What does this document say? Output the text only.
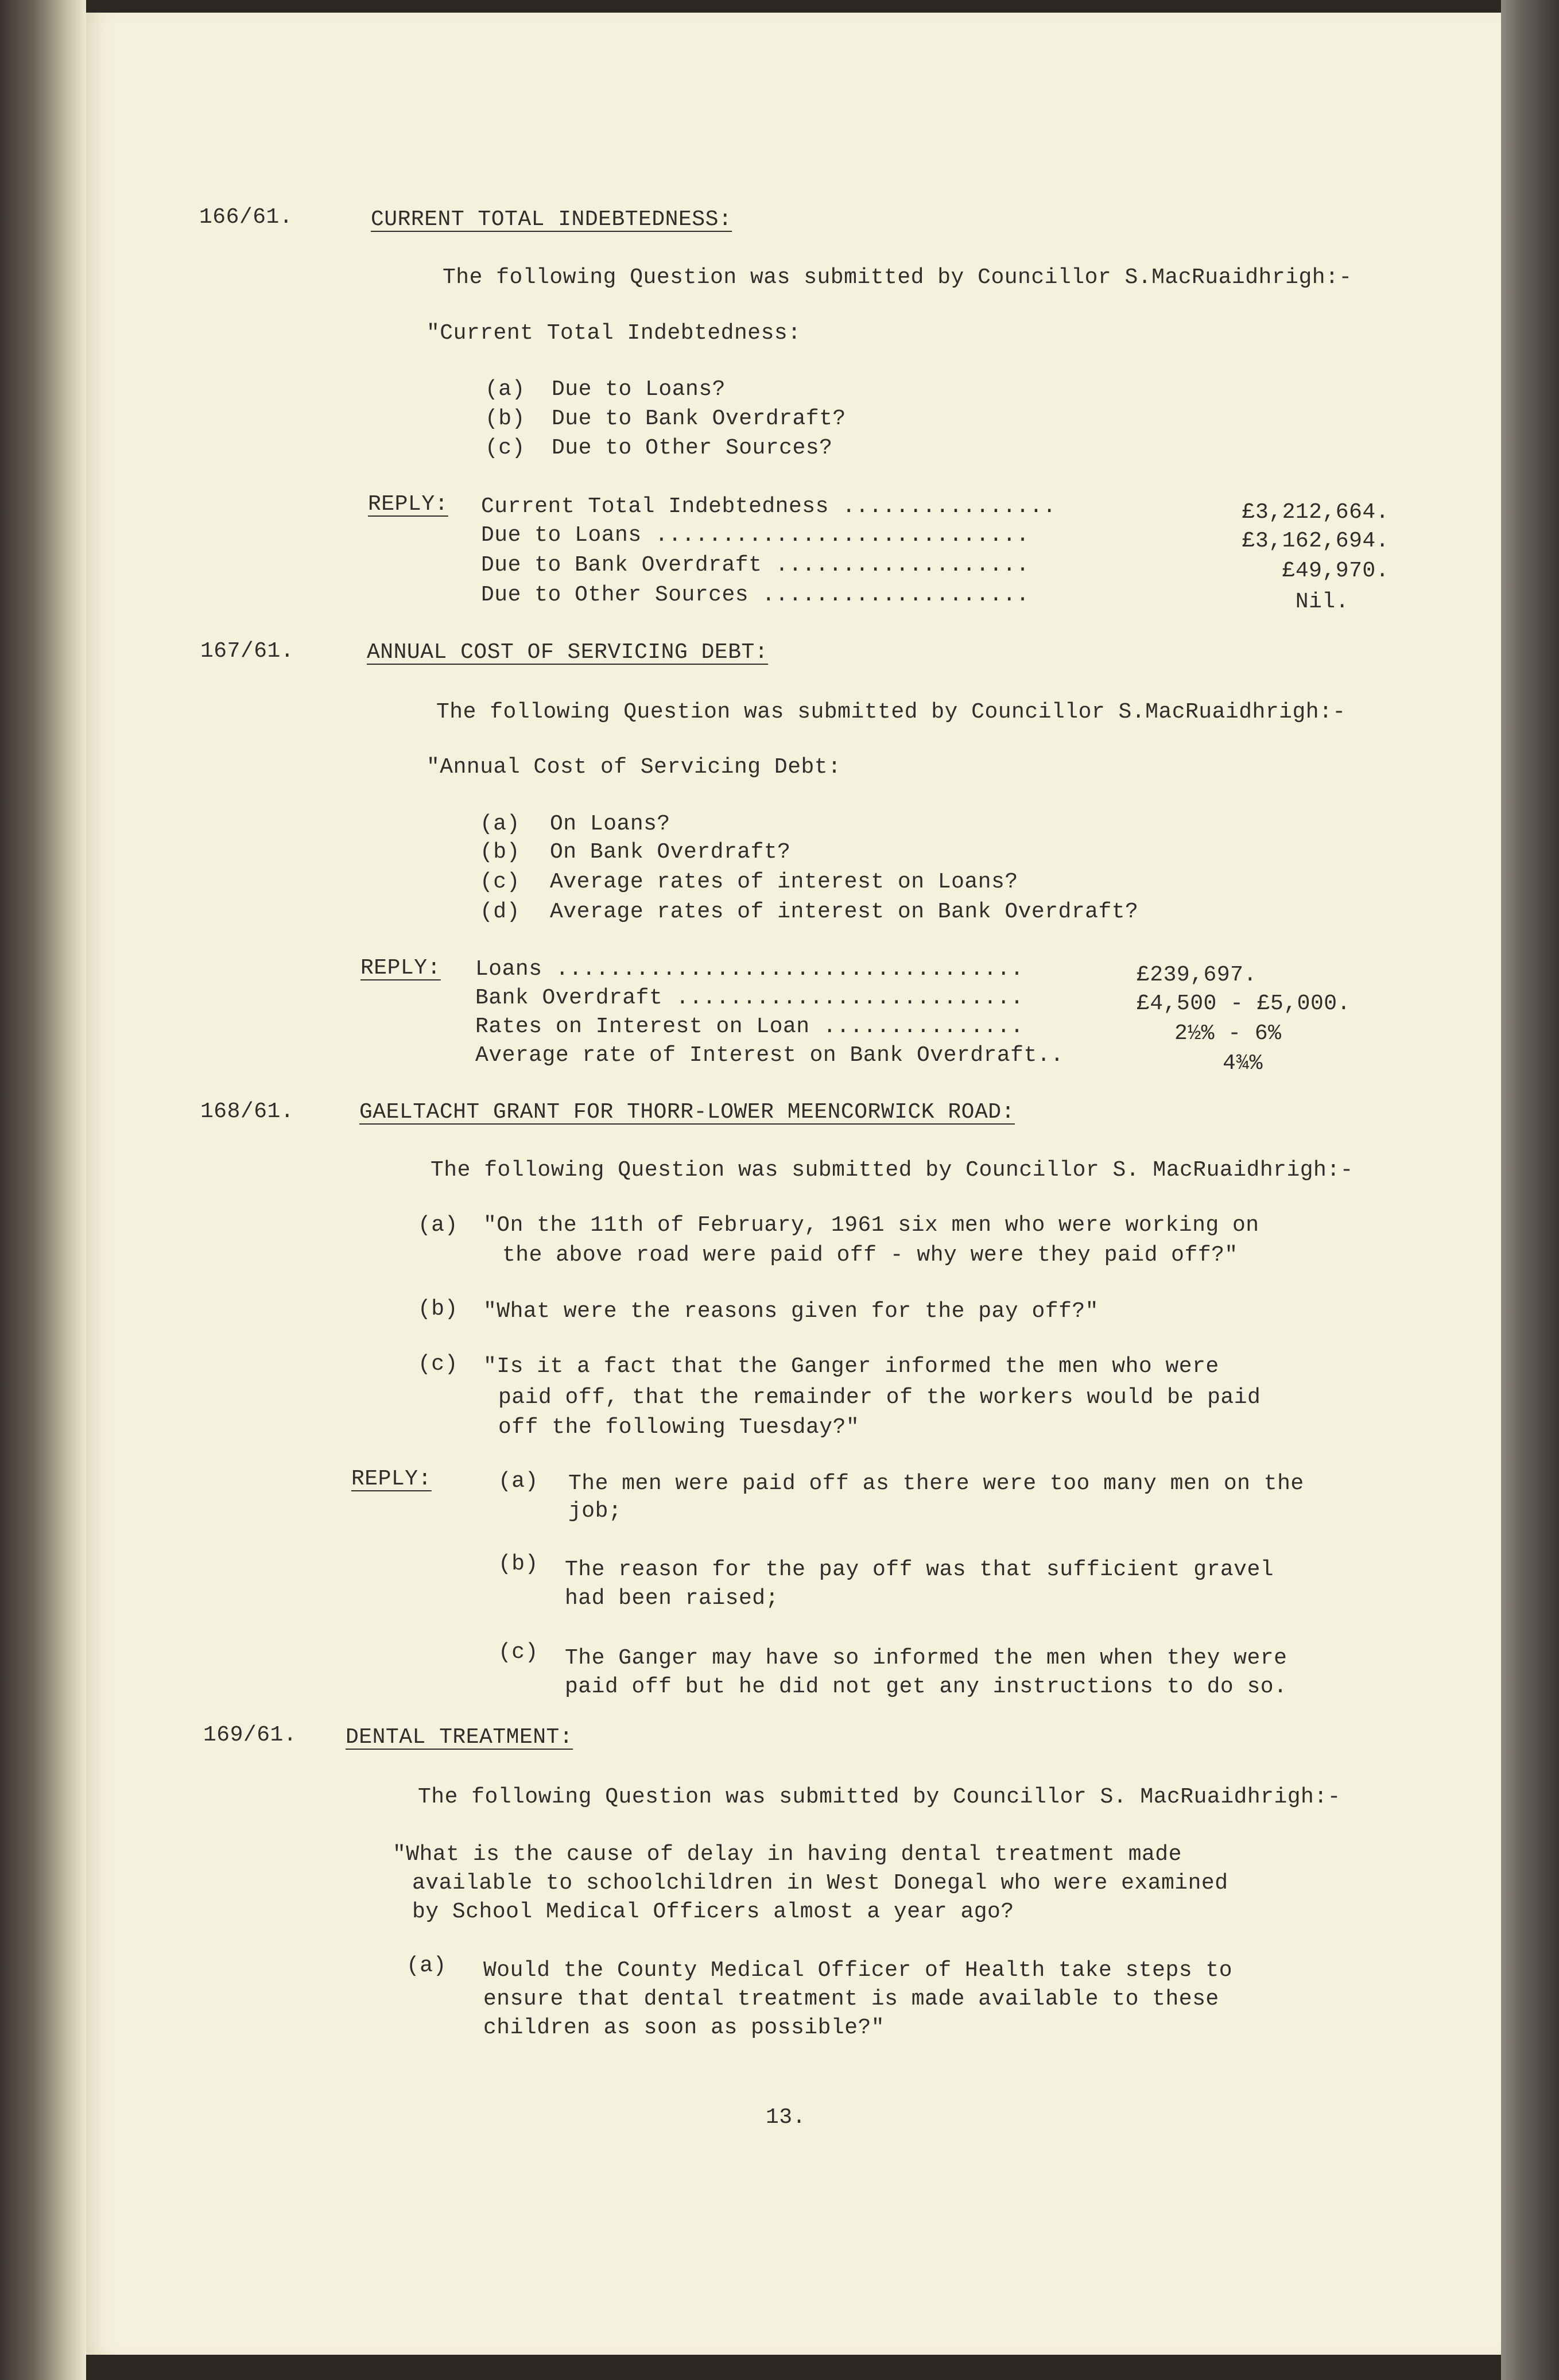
166/61.	CURRENT TOTAL INDEBTEDNESS:
The following Question was submitted by Councillor S.MacRuaidhrigh:-
"Current Total Indebtedness:
(a) Due to Loans?
(b) Due to Bank Overdraft?
(c) Due to Other Sources?
REPLY: Current Total Indebtedness ................	£3,212,664.
Due to Loans ............................	£3,162,694.
Due to Bank Overdraft ...................	£49,970.
Due to Other Sources ....................	Nil.
167/61.	ANNUAL COST OF SERVICING DEBT:
The following Question was submitted by Councillor S.MacRuaidhrigh:-
"Annual Cost of Servicing Debt:
(a) On Loans?
(b) On Bank Overdraft?
(c) Average rates of interest on Loans?
(d) Average rates of interest on Bank Overdraft?
REPLY: Loans ...................................	£239,697.
Bank Overdraft ..........................	£4,500 - £5,000.
Rates on Interest on Loan ...............	2½% - 6%
Average rate of Interest on Bank Overdraft..	4¾%
168/61.	GAELTACHT GRANT FOR THORR-LOWER MEENCORWICK ROAD:
The following Question was submitted by Councillor S. MacRuaidhrigh:-
(a) "On the 11th of February, 1961 six men who were working on
the above road were paid off - why were they paid off?"
(b) "What were the reasons given for the pay off?"
(c) "Is it a fact that the Ganger informed the men who were
paid off, that the remainder of the workers would be paid
off the following Tuesday?"
REPLY:	(a) The men were paid off as there were too many men on the
job;
(b) The reason for the pay off was that sufficient gravel
had been raised;
(c) The Ganger may have so informed the men when they were
paid off but he did not get any instructions to do so.
169/61. DENTAL TREATMENT:
The following Question was submitted by Councillor S. MacRuaidhrigh:-
"What is the cause of delay in having dental treatment made
available to schoolchildren in West Donegal who were examined
by School Medical Officers almost a year ago?
(a) Would the County Medical Officer of Health take steps to
ensure that dental treatment is made available to these
children as soon as possible?"
13.
